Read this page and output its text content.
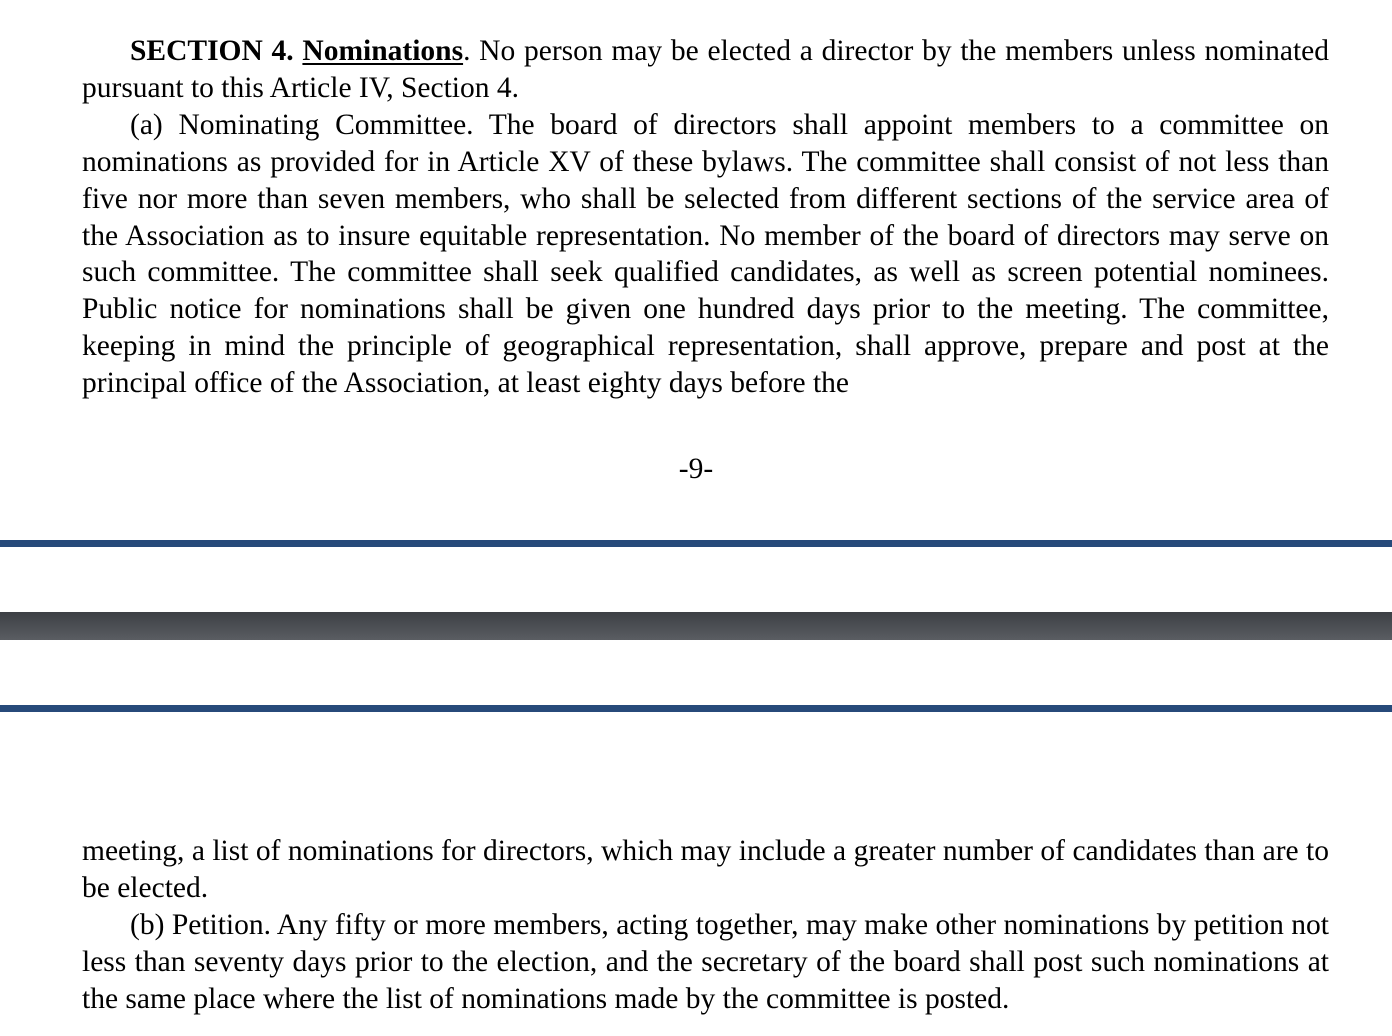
SECTION 4. Nominations. No person may be elected a director by the members unless nominated pursuant to this Article IV, Section 4.

(a) Nominating Committee. The board of directors shall appoint members to a committee on nominations as provided for in Article XV of these bylaws. The committee shall consist of not less than five nor more than seven members, who shall be selected from different sections of the service area of the Association as to insure equitable representation. No member of the board of directors may serve on such committee. The committee shall seek qualified candidates, as well as screen potential nominees. Public notice for nominations shall be given one hundred days prior to the meeting. The committee, keeping in mind the principle of geographical representation, shall approve, prepare and post at the principal office of the Association, at least eighty days before the

-9-

meeting, a list of nominations for directors, which may include a greater number of candidates than are to be elected.

(b) Petition. Any fifty or more members, acting together, may make other nominations by petition not less than seventy days prior to the election, and the secretary of the board shall post such nominations at the same place where the list of nominations made by the committee is posted.
